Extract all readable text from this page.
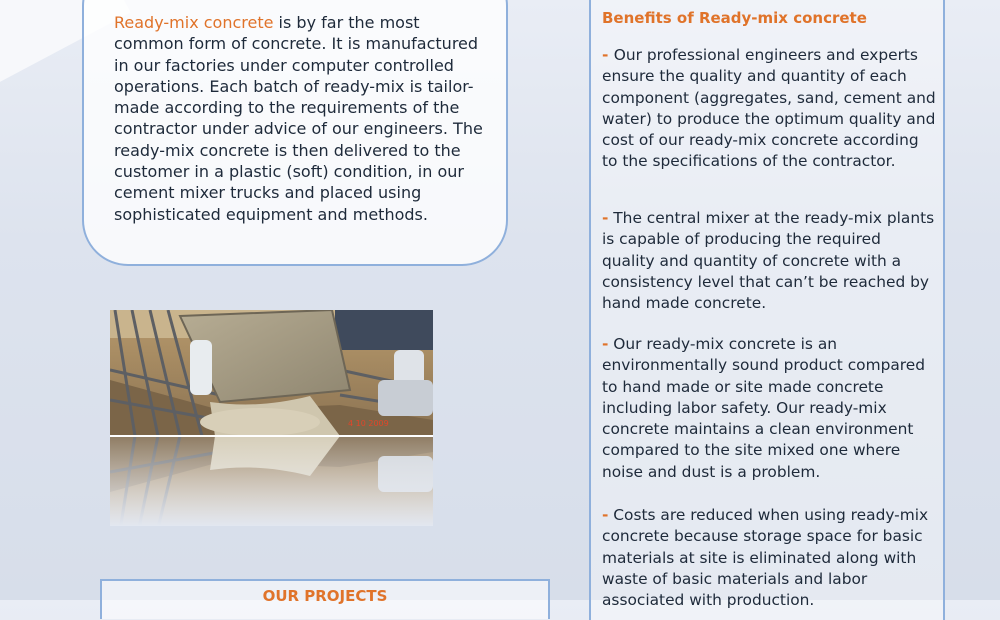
Ready-mix concrete is by far the most common form of concrete. It is manufactured in our factories under computer controlled operations. Each batch of ready-mix is tailor-made according to the requirements of the contractor under advice of our engineers. The ready-mix concrete is then delivered to the customer in a plastic (soft) condition, in our cement mixer trucks and placed using sophisticated equipment and methods.

4 10 2009
OUR PROJECTS
Benefits of Ready-mix concrete

- Our professional engineers and experts ensure the quality and quantity of each component (aggregates, sand, cement and water) to produce the optimum quality and cost of our ready-mix concrete according to the specifications of the contractor.

- The central mixer at the ready-mix plants is capable of producing the required quality and quantity of concrete with a consistency level that can’t be reached by hand made concrete.

- Our ready-mix concrete is an environmentally sound product compared to hand made or site made concrete including labor safety. Our ready-mix concrete maintains a clean environment compared to the site mixed one where noise and dust is a problem.

- Costs are reduced when using ready-mix concrete because storage space for basic materials at site is eliminated along with waste of basic materials and labor associated with production.
